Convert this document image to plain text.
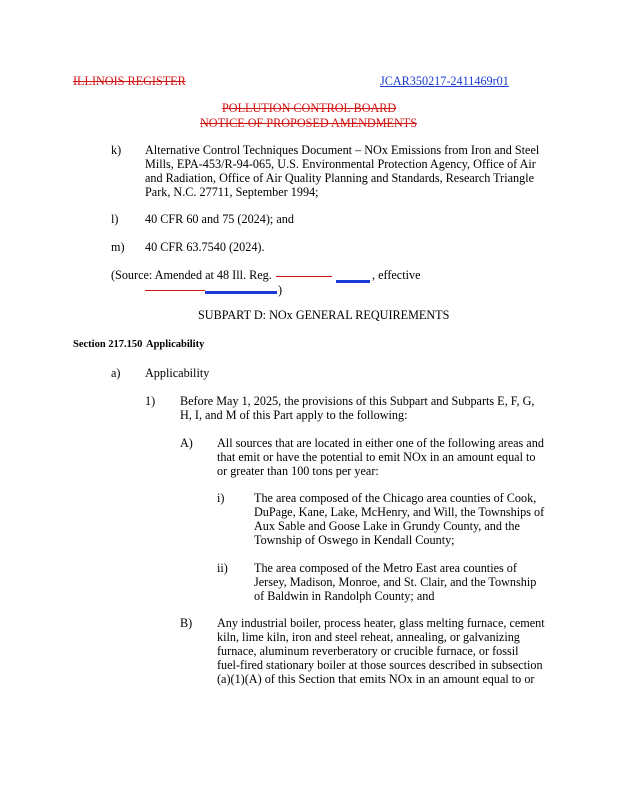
ILLINOIS REGISTER	JCAR350217-2411469r01
POLLUTION CONTROL BOARD
NOTICE OF PROPOSED AMENDMENTS
k) Alternative Control Techniques Document – NOx Emissions from Iron and Steel
Mills, EPA-453/R-94-065, U.S. Environmental Protection Agency, Office of Air
and Radiation, Office of Air Quality Planning and Standards, Research Triangle
Park, N.C. 27711, September 1994;
l) 40 CFR 60 and 75 (2024); and
m) 40 CFR 63.7540 (2024).
(Source: Amended at 48 Ill. Reg.	, effective
)
SUBPART D: NOx GENERAL REQUIREMENTS
Section 217.150 Applicability
a) Applicability
1) Before May 1, 2025, the provisions of this Subpart and Subparts E, F, G,
H, I, and M of this Part apply to the following:
A) All sources that are located in either one of the following areas and
that emit or have the potential to emit NOx in an amount equal to
or greater than 100 tons per year:
i) The area composed of the Chicago area counties of Cook,
DuPage, Kane, Lake, McHenry, and Will, the Townships of
Aux Sable and Goose Lake in Grundy County, and the
Township of Oswego in Kendall County;
ii) The area composed of the Metro East area counties of
Jersey, Madison, Monroe, and St. Clair, and the Township
of Baldwin in Randolph County; and
B) Any industrial boiler, process heater, glass melting furnace, cement
kiln, lime kiln, iron and steel reheat, annealing, or galvanizing
furnace, aluminum reverberatory or crucible furnace, or fossil
fuel-fired stationary boiler at those sources described in subsection
(a)(1)(A) of this Section that emits NOx in an amount equal to or
